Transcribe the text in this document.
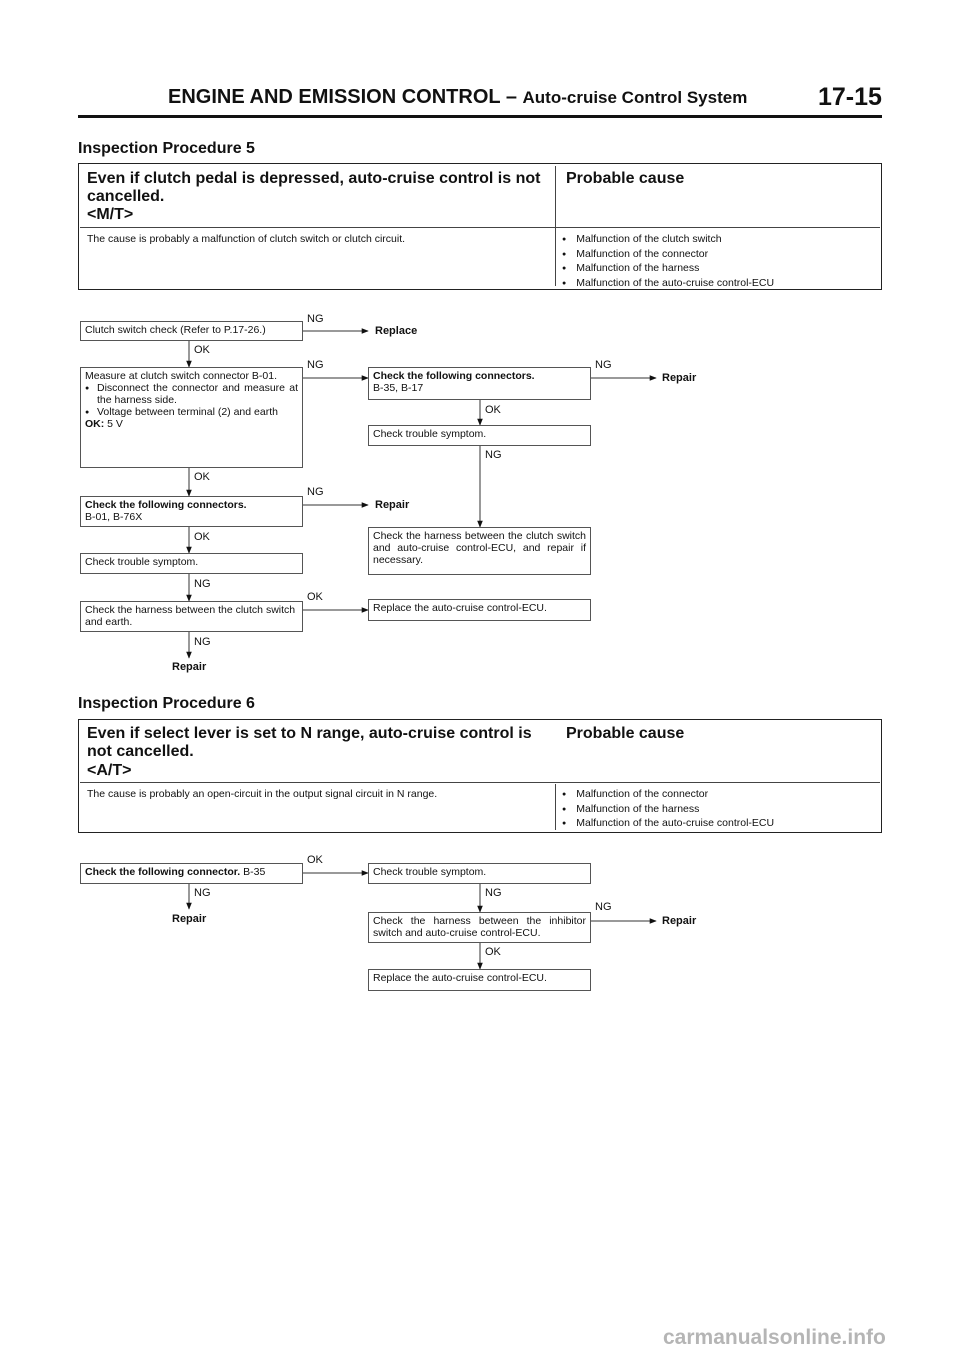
ENGINE AND EMISSION CONTROL – Auto-cruise Control System	17-15
Inspection Procedure 5
Even if clutch pedal is depressed, auto-cruise control is not cancelled.
<M/T>
Probable cause
The cause is probably a malfunction of clutch switch or clutch circuit.	● Malfunction of the clutch switch
● Malfunction of the connector
● Malfunction of the harness
● Malfunction of the auto-cruise control-ECU
Clutch switch check (Refer to P.17-26.)	Replace
NG
OK
Measure at clutch switch connector B-01.
● Disconnect the connector and measure at the harness side.
● Voltage between terminal (2) and earth
OK: 5 V
NG
Check the following connectors.
B-35, B-17
NG
Repair
OK
Check trouble symptom.
NG
Check the harness between the clutch switch and auto-cruise control-ECU, and repair if necessary.
OK
Check the following connectors.
B-01, B-76X
NG
Repair
OK
Check trouble symptom.
NG
Check the harness between the clutch switch and earth.
OK
Replace the auto-cruise control-ECU.
NG
Repair
Inspection Procedure 6
Even if select lever is set to N range, auto-cruise control is not cancelled.
<A/T>
Probable cause
The cause is probably an open-circuit in the output signal circuit in N range.	● Malfunction of the connector
● Malfunction of the harness
● Malfunction of the auto-cruise control-ECU
Check the following connector. B-35
OK
NG
Repair
Check trouble symptom.
NG
Check the harness between the inhibitor switch and auto-cruise control-ECU.
NG
Repair
OK
Replace the auto-cruise control-ECU.
carmanualsonline.info
